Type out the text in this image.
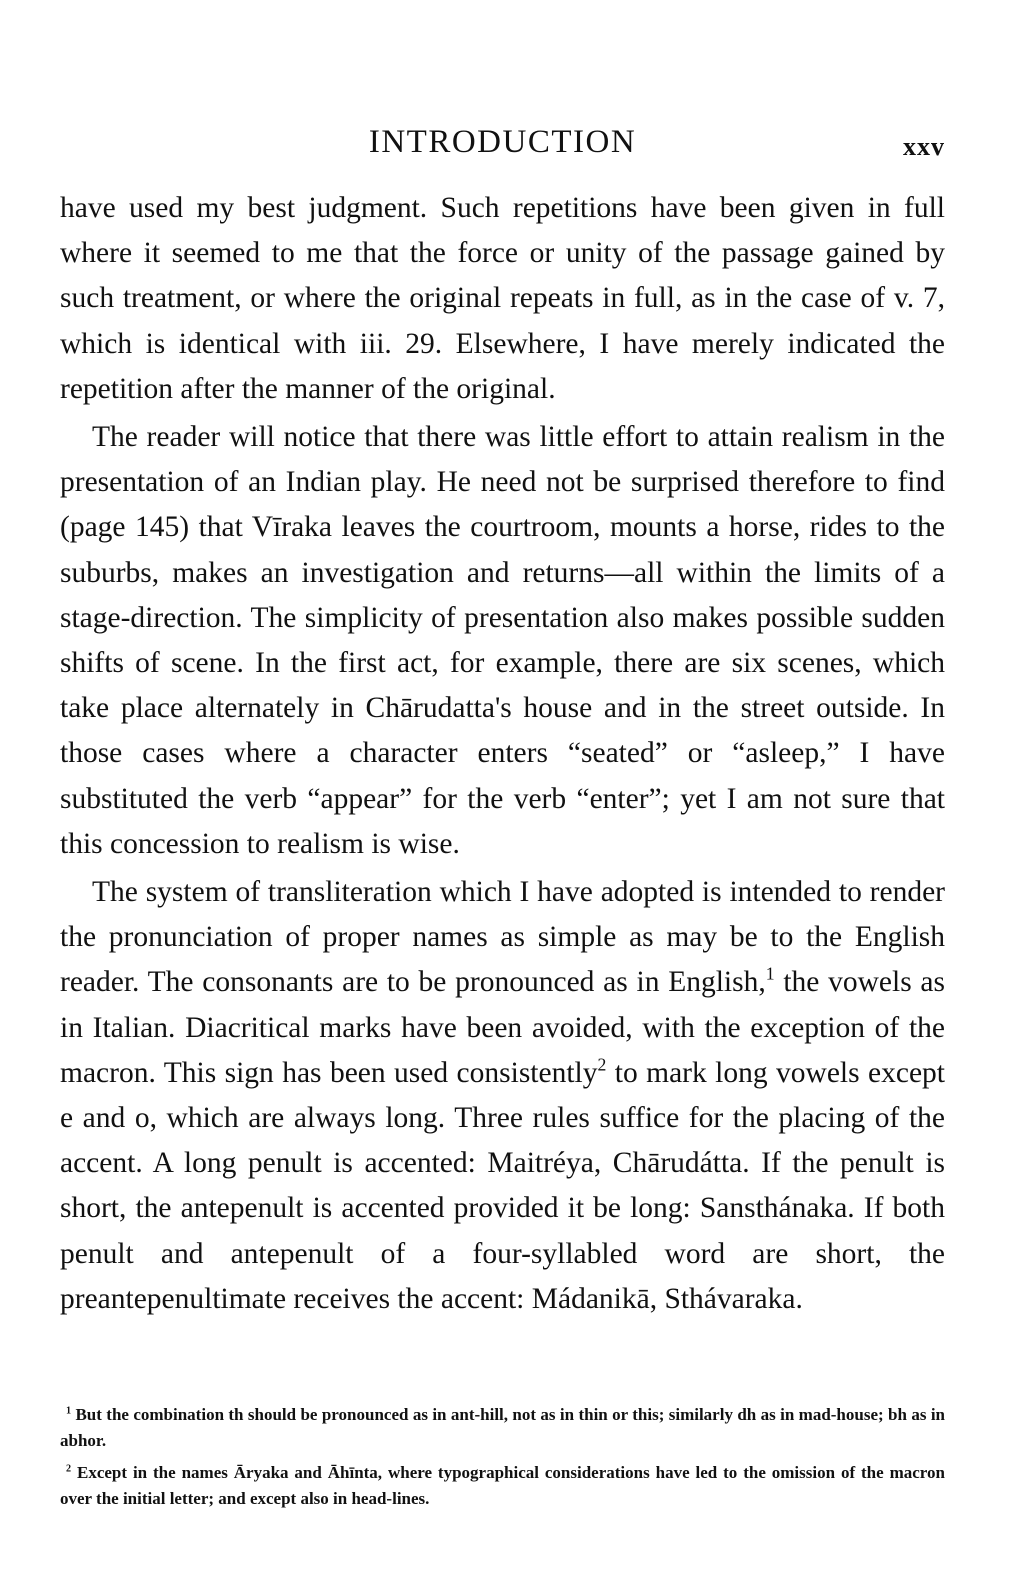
INTRODUCTION	xxv

have used my best judgment. Such repetitions have been given in full where it seemed to me that the force or unity of the passage gained by such treatment, or where the original repeats in full, as in the case of v. 7, which is identical with iii. 29. Elsewhere, I have merely indicated the repetition after the manner of the original.

The reader will notice that there was little effort to attain realism in the presentation of an Indian play. He need not be surprised therefore to find (page 145) that Vīraka leaves the courtroom, mounts a horse, rides to the suburbs, makes an investigation and returns—all within the limits of a stage-direction. The simplicity of presentation also makes possible sudden shifts of scene. In the first act, for example, there are six scenes, which take place alternately in Chārudatta's house and in the street outside. In those cases where a character enters “seated” or “asleep,” I have substituted the verb “appear” for the verb “enter”; yet I am not sure that this concession to realism is wise.

The system of transliteration which I have adopted is intended to render the pronunciation of proper names as simple as may be to the English reader. The consonants are to be pronounced as in English,$^1$ the vowels as in Italian. Diacritical marks have been avoided, with the exception of the macron. This sign has been used consistently$^2$ to mark long vowels except e and o, which are always long. Three rules suffice for the placing of the accent. A long penult is accented: Maitréya, Chārudátta. If the penult is short, the antepenult is accented provided it be long: Sansthánaka. If both penult and antepenult of a four-syllabled word are short, the preantepenultimate receives the accent: Mádanikā, Sthávaraka.

$^1$ But the combination th should be pronounced as in ant-hill, not as in thin or this; similarly dh as in mad-house; bh as in abhor.

$^2$ Except in the names Āryaka and Āhīnta, where typographical considerations have led to the omission of the macron over the initial letter; and except also in head-lines.
